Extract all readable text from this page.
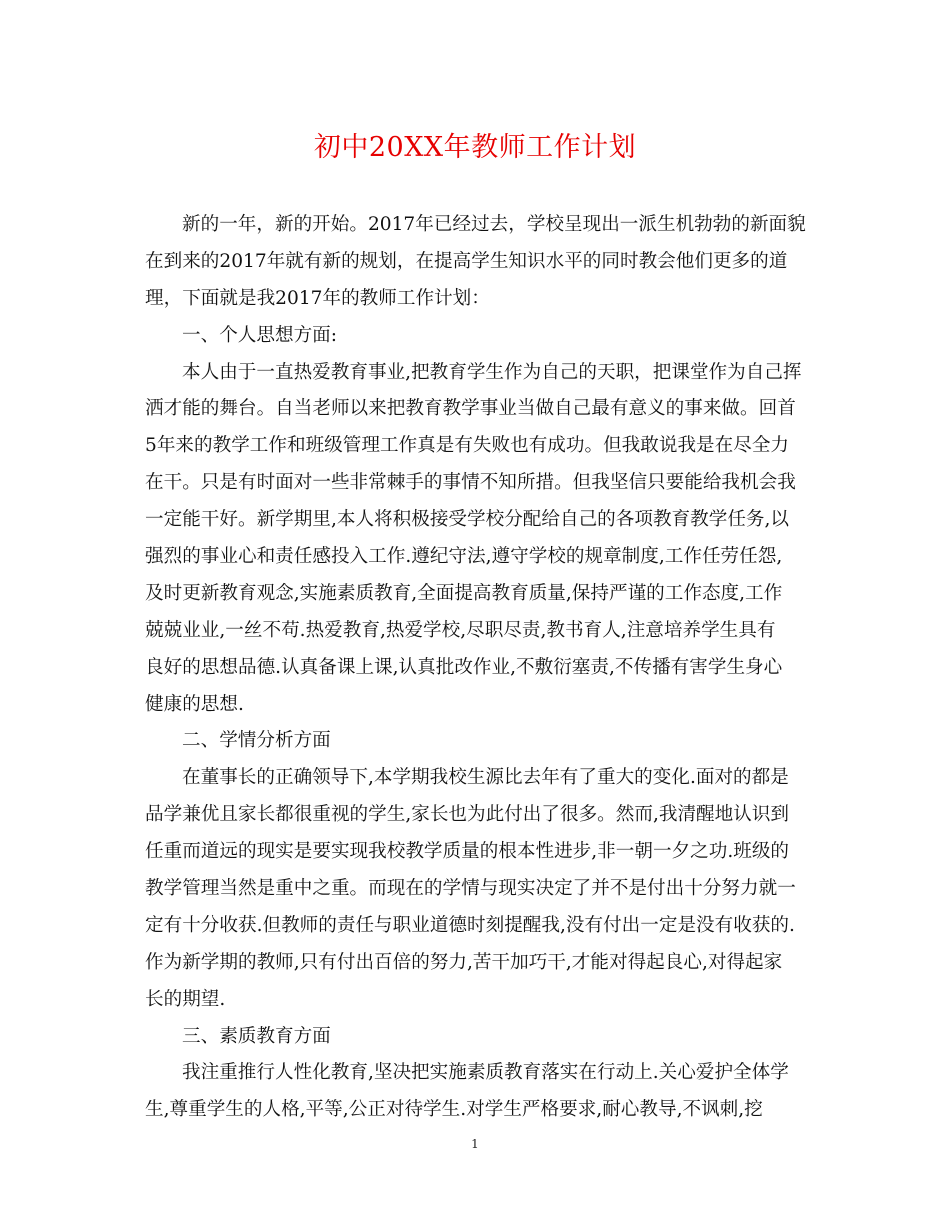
初中20XX年教师工作计划
新的一年，新的开始。2017年已经过去，学校呈现出一派生机勃勃的新面貌
在到来的2017年就有新的规划，在提高学生知识水平的同时教会他们更多的道
理，下面就是我2017年的教师工作计划：
一、个人思想方面:
本人由于一直热爱教育事业,把教育学生作为自己的天职，把课堂作为自己挥
洒才能的舞台。自当老师以来把教育教学事业当做自己最有意义的事来做。回首
5年来的教学工作和班级管理工作真是有失败也有成功。但我敢说我是在尽全力
在干。只是有时面对一些非常棘手的事情不知所措。但我坚信只要能给我机会我
一定能干好。新学期里,本人将积极接受学校分配给自己的各项教育教学任务,以
强烈的事业心和责任感投入工作.遵纪守法,遵守学校的规章制度,工作任劳任怨,
及时更新教育观念,实施素质教育,全面提高教育质量,保持严谨的工作态度,工作
兢兢业业,一丝不苟.热爱教育,热爱学校,尽职尽责,教书育人,注意培养学生具有
良好的思想品德.认真备课上课,认真批改作业,不敷衍塞责,不传播有害学生身心
健康的思想.
二、学情分析方面
在董事长的正确领导下,本学期我校生源比去年有了重大的变化.面对的都是
品学兼优且家长都很重视的学生,家长也为此付出了很多。然而,我清醒地认识到
任重而道远的现实是要实现我校教学质量的根本性进步,非一朝一夕之功.班级的
教学管理当然是重中之重。而现在的学情与现实决定了并不是付出十分努力就一
定有十分收获.但教师的责任与职业道德时刻提醒我,没有付出一定是没有收获的.
作为新学期的教师,只有付出百倍的努力,苦干加巧干,才能对得起良心,对得起家
长的期望.
三、素质教育方面
我注重推行人性化教育,坚决把实施素质教育落实在行动上.关心爱护全体学
生,尊重学生的人格,平等,公正对待学生.对学生严格要求,耐心教导,不讽刺,挖
1
